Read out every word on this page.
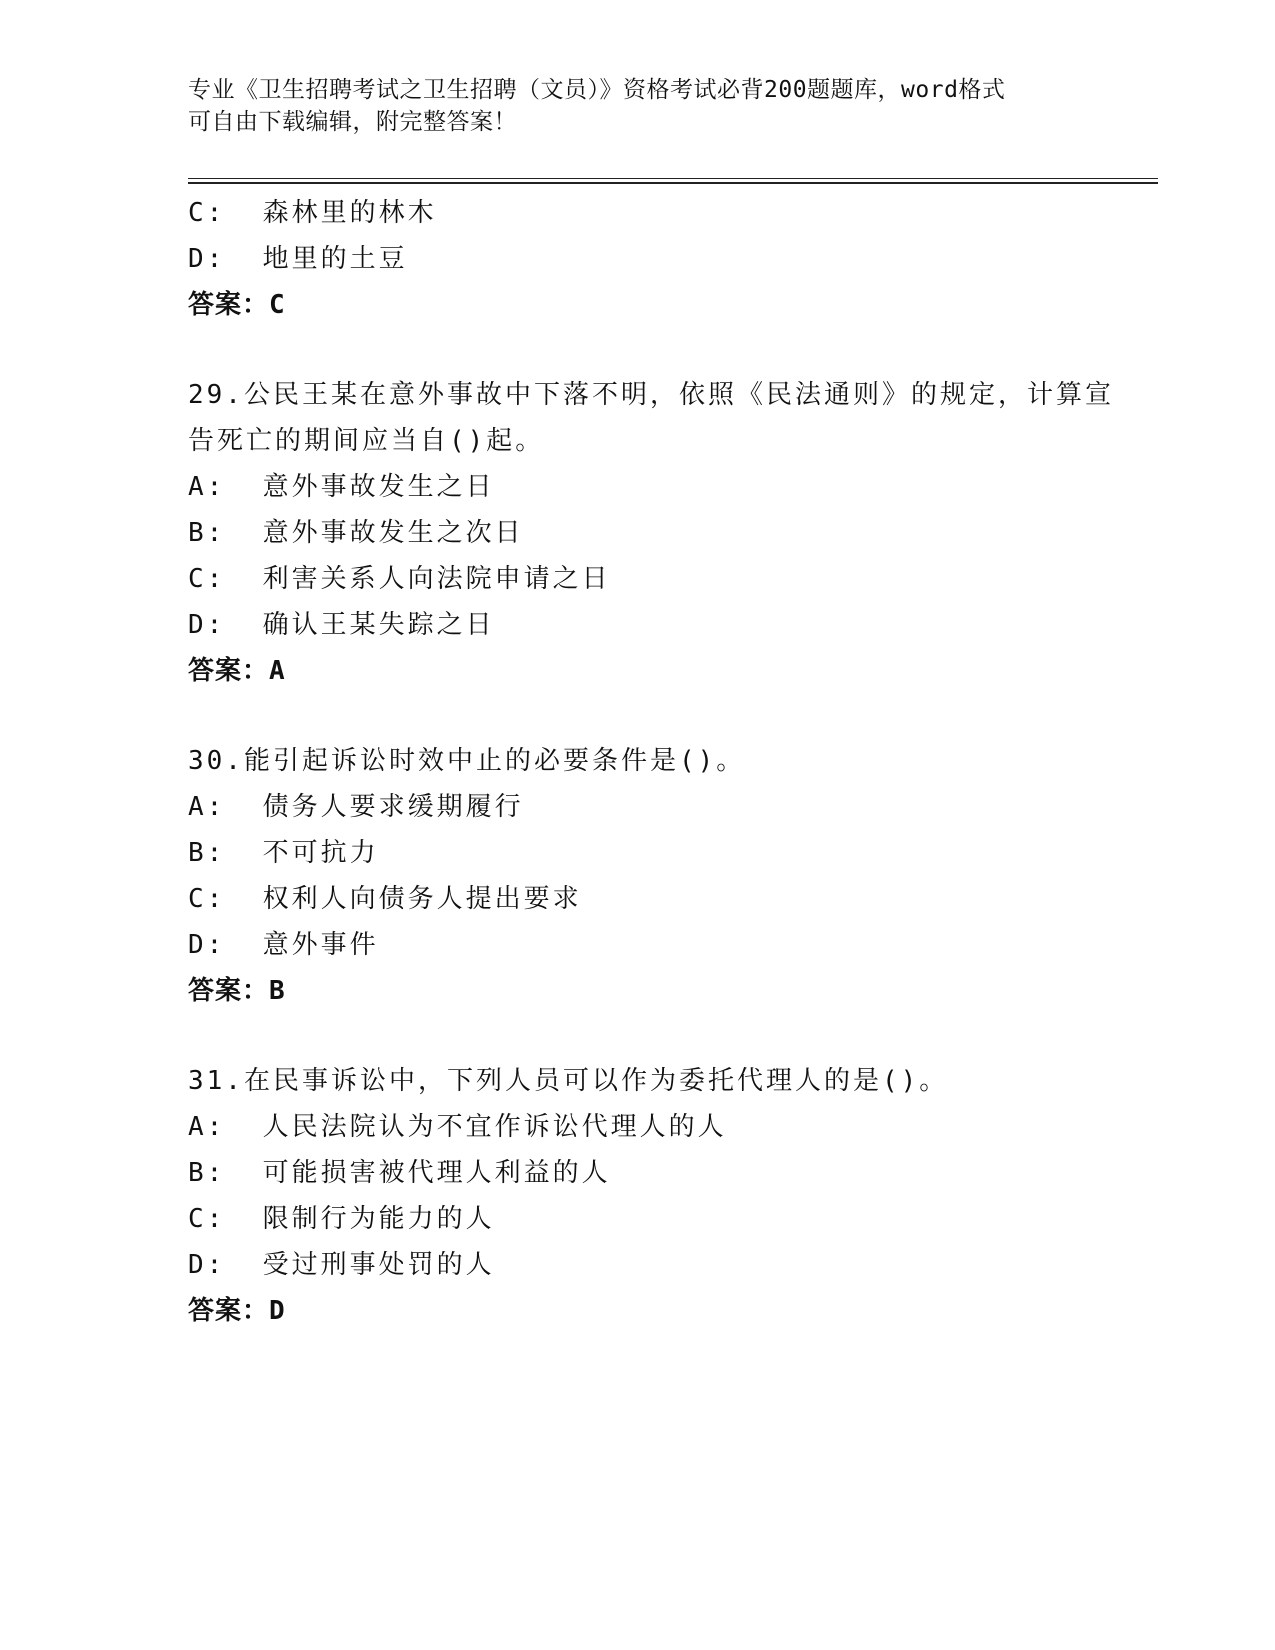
专业《卫生招聘考试之卫生招聘（文员）》资格考试必背200题题库，word格式
可自由下载编辑，附完整答案！
C:  森林里的林木
D:  地里的土豆
答案：C
29.公民王某在意外事故中下落不明，依照《民法通则》的规定，计算宣告死亡的期间应当自()起。
A:  意外事故发生之日
B:  意外事故发生之次日
C:  利害关系人向法院申请之日
D:  确认王某失踪之日
答案：A
30.能引起诉讼时效中止的必要条件是()。
A:  债务人要求缓期履行
B:  不可抗力
C:  权利人向债务人提出要求
D:  意外事件
答案：B
31.在民事诉讼中，下列人员可以作为委托代理人的是()。
A:  人民法院认为不宜作诉讼代理人的人
B:  可能损害被代理人利益的人
C:  限制行为能力的人
D:  受过刑事处罚的人
答案：D
